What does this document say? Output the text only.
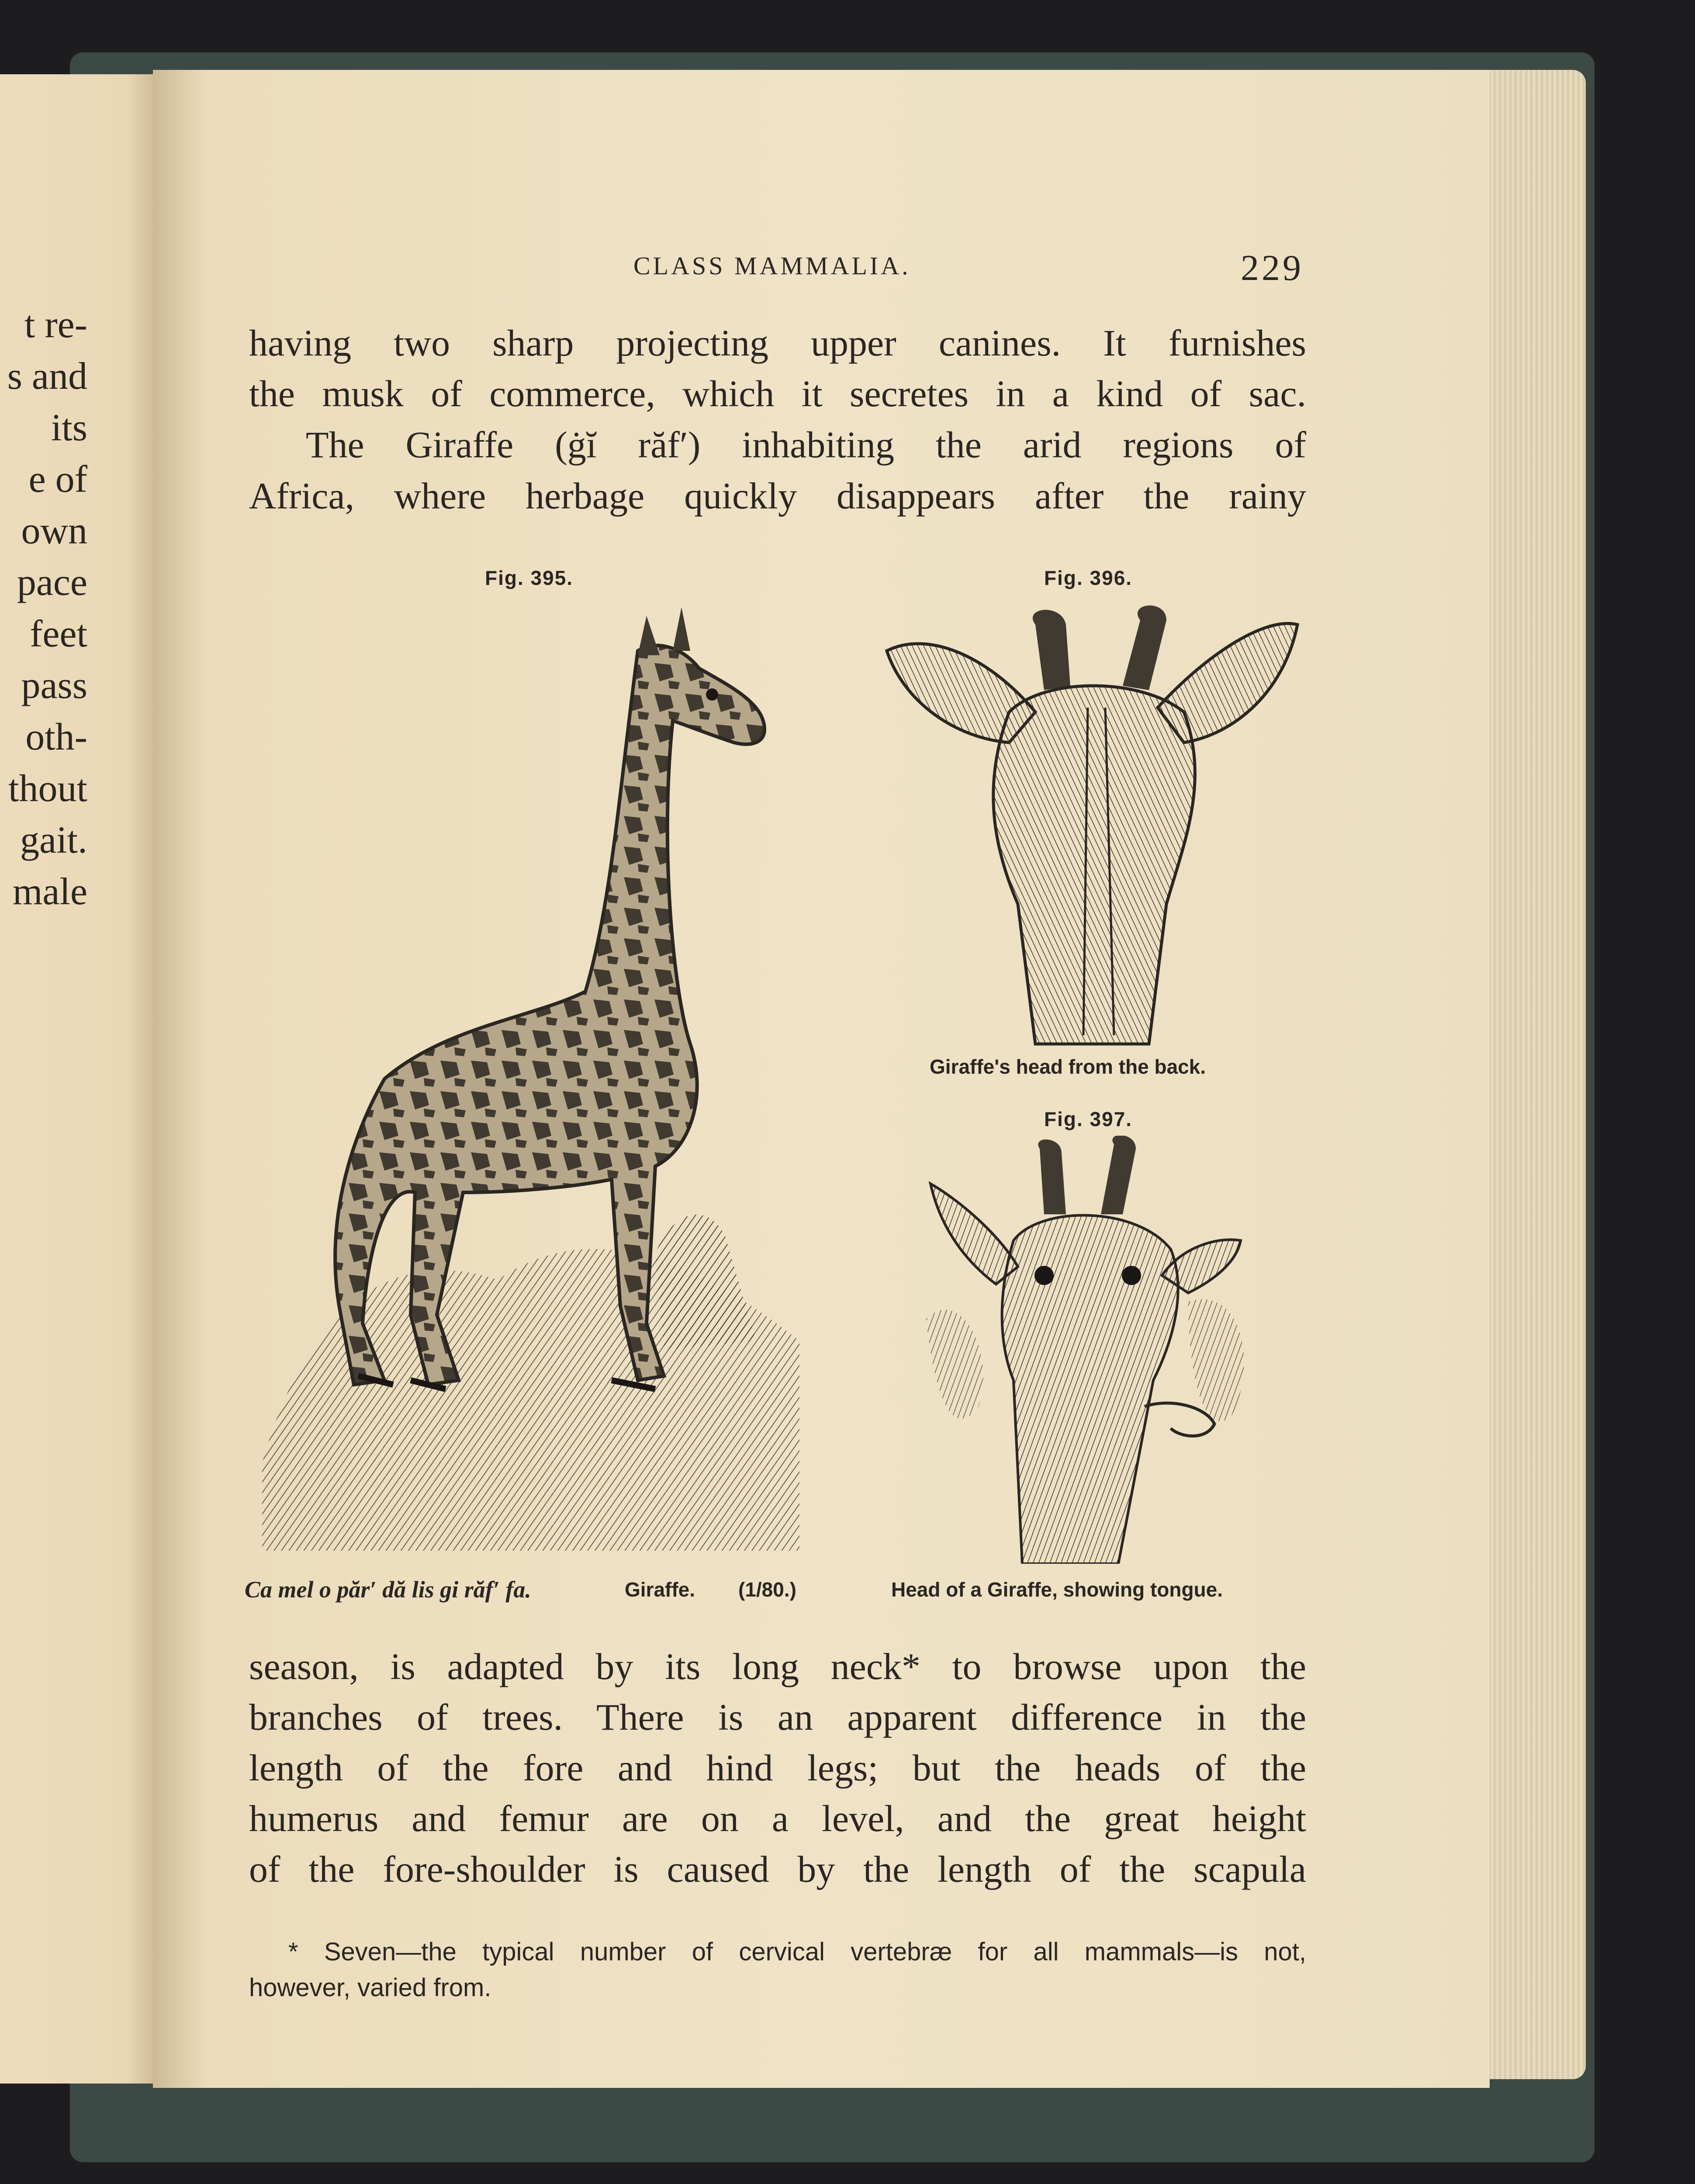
t re-
s and
its
e of
own
pace
feet
pass
oth-
thout
gait.
male
CLASS MAMMALIA.	229
having two sharp projecting upper canines. It furnishes
the musk of commerce, which it secretes in a kind of sac.
The Giraffe (ġĭ răf′) inhabiting the arid regions of
Africa, where herbage quickly disappears after the rainy
Fig. 395.	Fig. 396.
Giraffe's head from the back.
Fig. 397.
Ca mel o păr′ dă lis gi răf′ fa.	Giraffe. (1/80.)	Head of a Giraffe, showing tongue.
season, is adapted by its long neck* to browse upon the
branches of trees. There is an apparent difference in the
length of the fore and hind legs; but the heads of the
humerus and femur are on a level, and the great height
of the fore-shoulder is caused by the length of the scapula
* Seven—the typical number of cervical vertebræ for all mammals—is not,
however, varied from.
